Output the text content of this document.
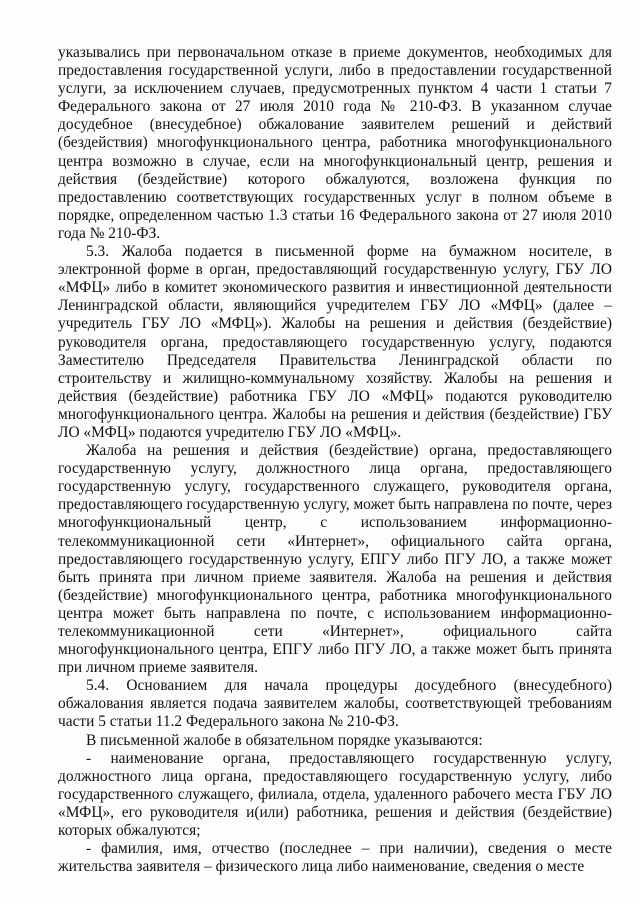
указывались при первоначальном отказе в приеме документов, необходимых для предоставления государственной услуги, либо в предоставлении государственной услуги, за исключением случаев, предусмотренных пунктом 4 части 1 статьи 7 Федерального закона от 27 июля 2010 года № 210-ФЗ. В указанном случае досудебное (внесудебное) обжалование заявителем решений и действий (бездействия) многофункционального центра, работника многофункционального центра возможно в случае, если на многофункциональный центр, решения и действия (бездействие) которого обжалуются, возложена функция по предоставлению соответствующих государственных услуг в полном объеме в порядке, определенном частью 1.3 статьи 16 Федерального закона от 27 июля 2010 года № 210-ФЗ.

5.3. Жалоба подается в письменной форме на бумажном носителе, в электронной форме в орган, предоставляющий государственную услугу, ГБУ ЛО «МФЦ» либо в комитет экономического развития и инвестиционной деятельности Ленинградской области, являющийся учредителем ГБУ ЛО «МФЦ» (далее – учредитель ГБУ ЛО «МФЦ»). Жалобы на решения и действия (бездействие) руководителя органа, предоставляющего государственную услугу, подаются Заместителю Председателя Правительства Ленинградской области по строительству и жилищно-коммунальному хозяйству. Жалобы на решения и действия (бездействие) работника ГБУ ЛО «МФЦ» подаются руководителю многофункционального центра. Жалобы на решения и действия (бездействие) ГБУ ЛО «МФЦ» подаются учредителю ГБУ ЛО «МФЦ».

Жалоба на решения и действия (бездействие) органа, предоставляющего государственную услугу, должностного лица органа, предоставляющего государственную услугу, государственного служащего, руководителя органа, предоставляющего государственную услугу, может быть направлена по почте, через многофункциональный центр, с использованием информационно-телекоммуникационной сети «Интернет», официального сайта органа, предоставляющего государственную услугу, ЕПГУ либо ПГУ ЛО, а также может быть принята при личном приеме заявителя. Жалоба на решения и действия (бездействие) многофункционального центра, работника многофункционального центра может быть направлена по почте, с использованием информационно-телекоммуникационной сети «Интернет», официального сайта многофункционального центра, ЕПГУ либо ПГУ ЛО, а также может быть принята при личном приеме заявителя.

5.4. Основанием для начала процедуры досудебного (внесудебного) обжалования является подача заявителем жалобы, соответствующей требованиям части 5 статьи 11.2 Федерального закона № 210-ФЗ.

В письменной жалобе в обязательном порядке указываются:

- наименование органа, предоставляющего государственную услугу, должностного лица органа, предоставляющего государственную услугу, либо государственного служащего, филиала, отдела, удаленного рабочего места ГБУ ЛО «МФЦ», его руководителя и(или) работника, решения и действия (бездействие) которых обжалуются;

- фамилия, имя, отчество (последнее – при наличии), сведения о месте жительства заявителя – физического лица либо наименование, сведения о месте
